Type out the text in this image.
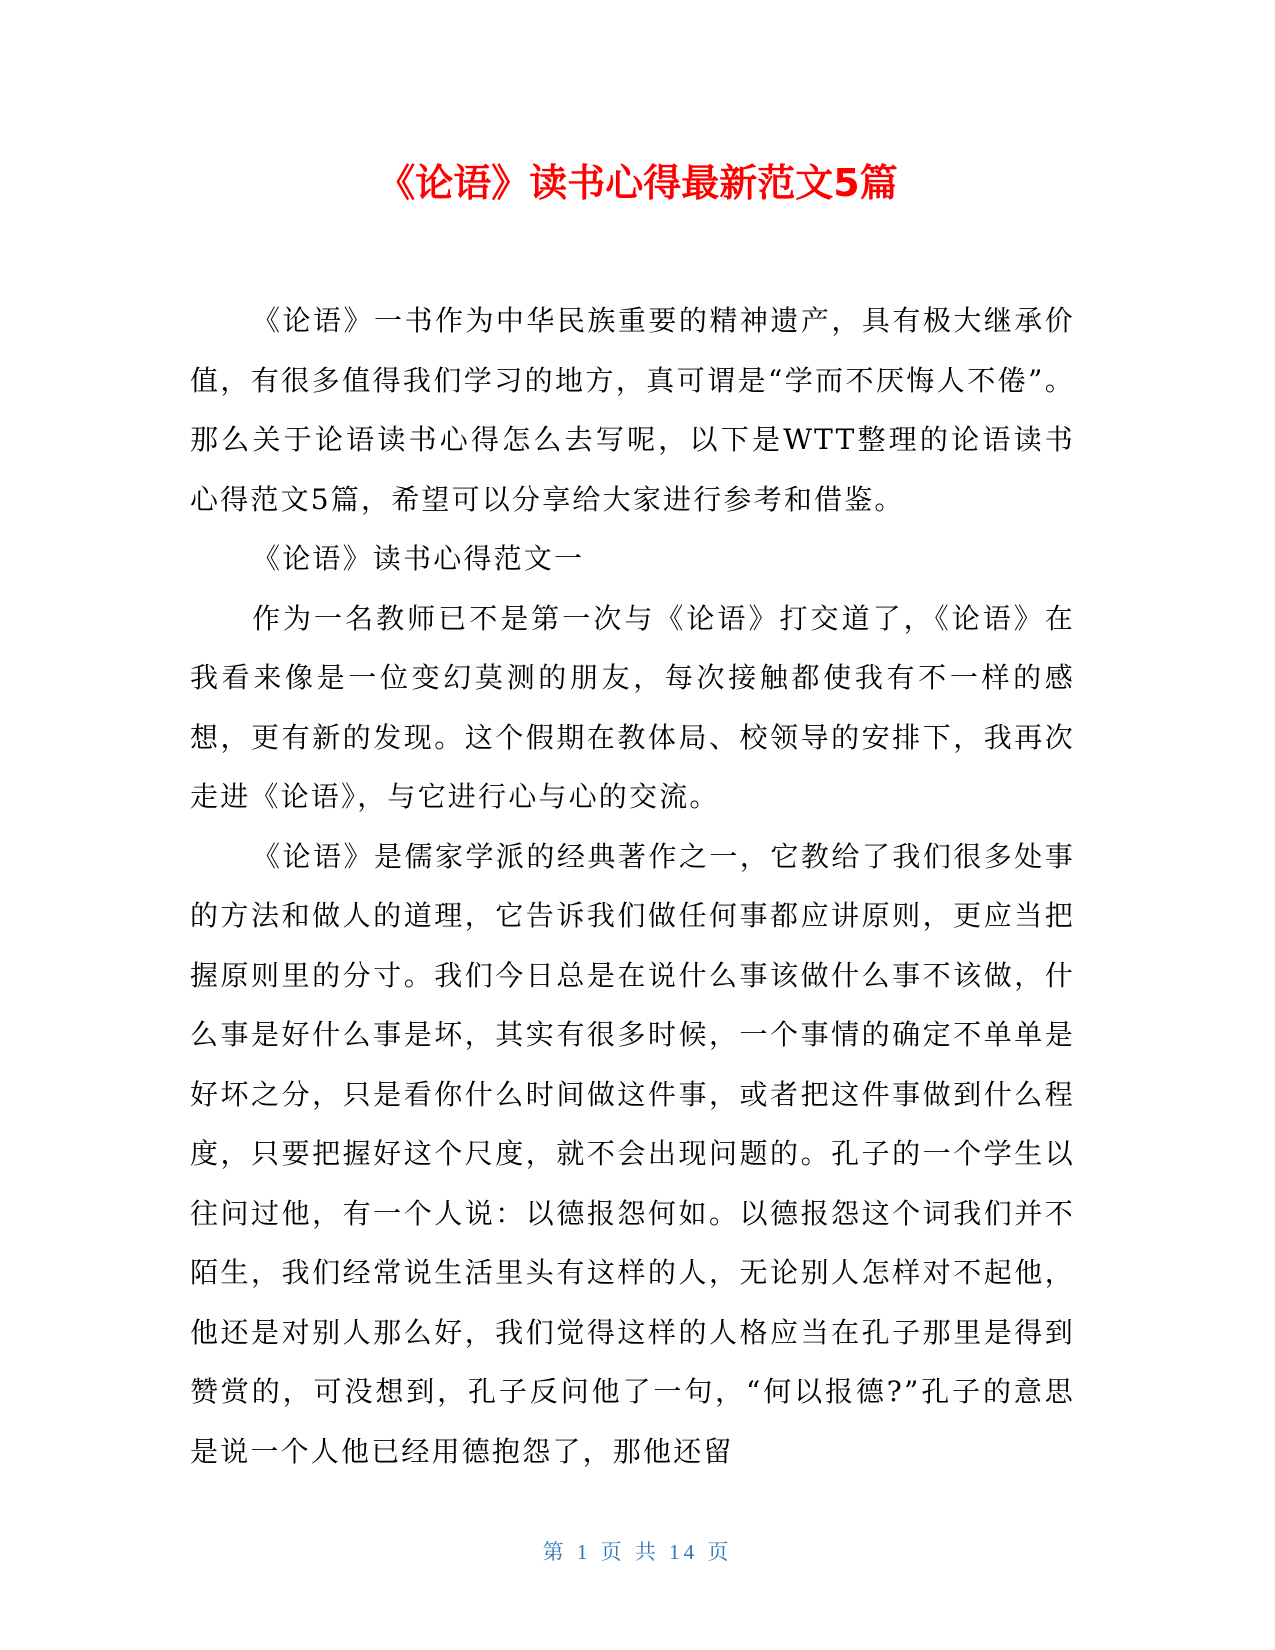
《论语》读书心得最新范文5篇

《论语》一书作为中华民族重要的精神遗产，具有极大继承价值，有很多值得我们学习的地方，真可谓是“学而不厌悔人不倦”。那么关于论语读书心得怎么去写呢，以下是WTT整理的论语读书心得范文5篇，希望可以分享给大家进行参考和借鉴。

《论语》读书心得范文一

作为一名教师已不是第一次与《论语》打交道了，《论语》在我看来像是一位变幻莫测的朋友，每次接触都使我有不一样的感想，更有新的发现。这个假期在教体局、校领导的安排下，我再次走进《论语》，与它进行心与心的交流。

《论语》是儒家学派的经典著作之一，它教给了我们很多处事的方法和做人的道理，它告诉我们做任何事都应讲原则，更应当把握原则里的分寸。我们今日总是在说什么事该做什么事不该做，什么事是好什么事是坏，其实有很多时候，一个事情的确定不单单是好坏之分，只是看你什么时间做这件事，或者把这件事做到什么程度，只要把握好这个尺度，就不会出现问题的。孔子的一个学生以往问过他，有一个人说：以德报怨何如。以德报怨这个词我们并不陌生，我们经常说生活里头有这样的人，无论别人怎样对不起他，他还是对别人那么好，我们觉得这样的人格应当在孔子那里是得到赞赏的，可没想到，孔子反问他了一句，“何以报德?”孔子的意思是说一个人他已经用德抱怨了，那他还留

第 1 页 共 14 页
